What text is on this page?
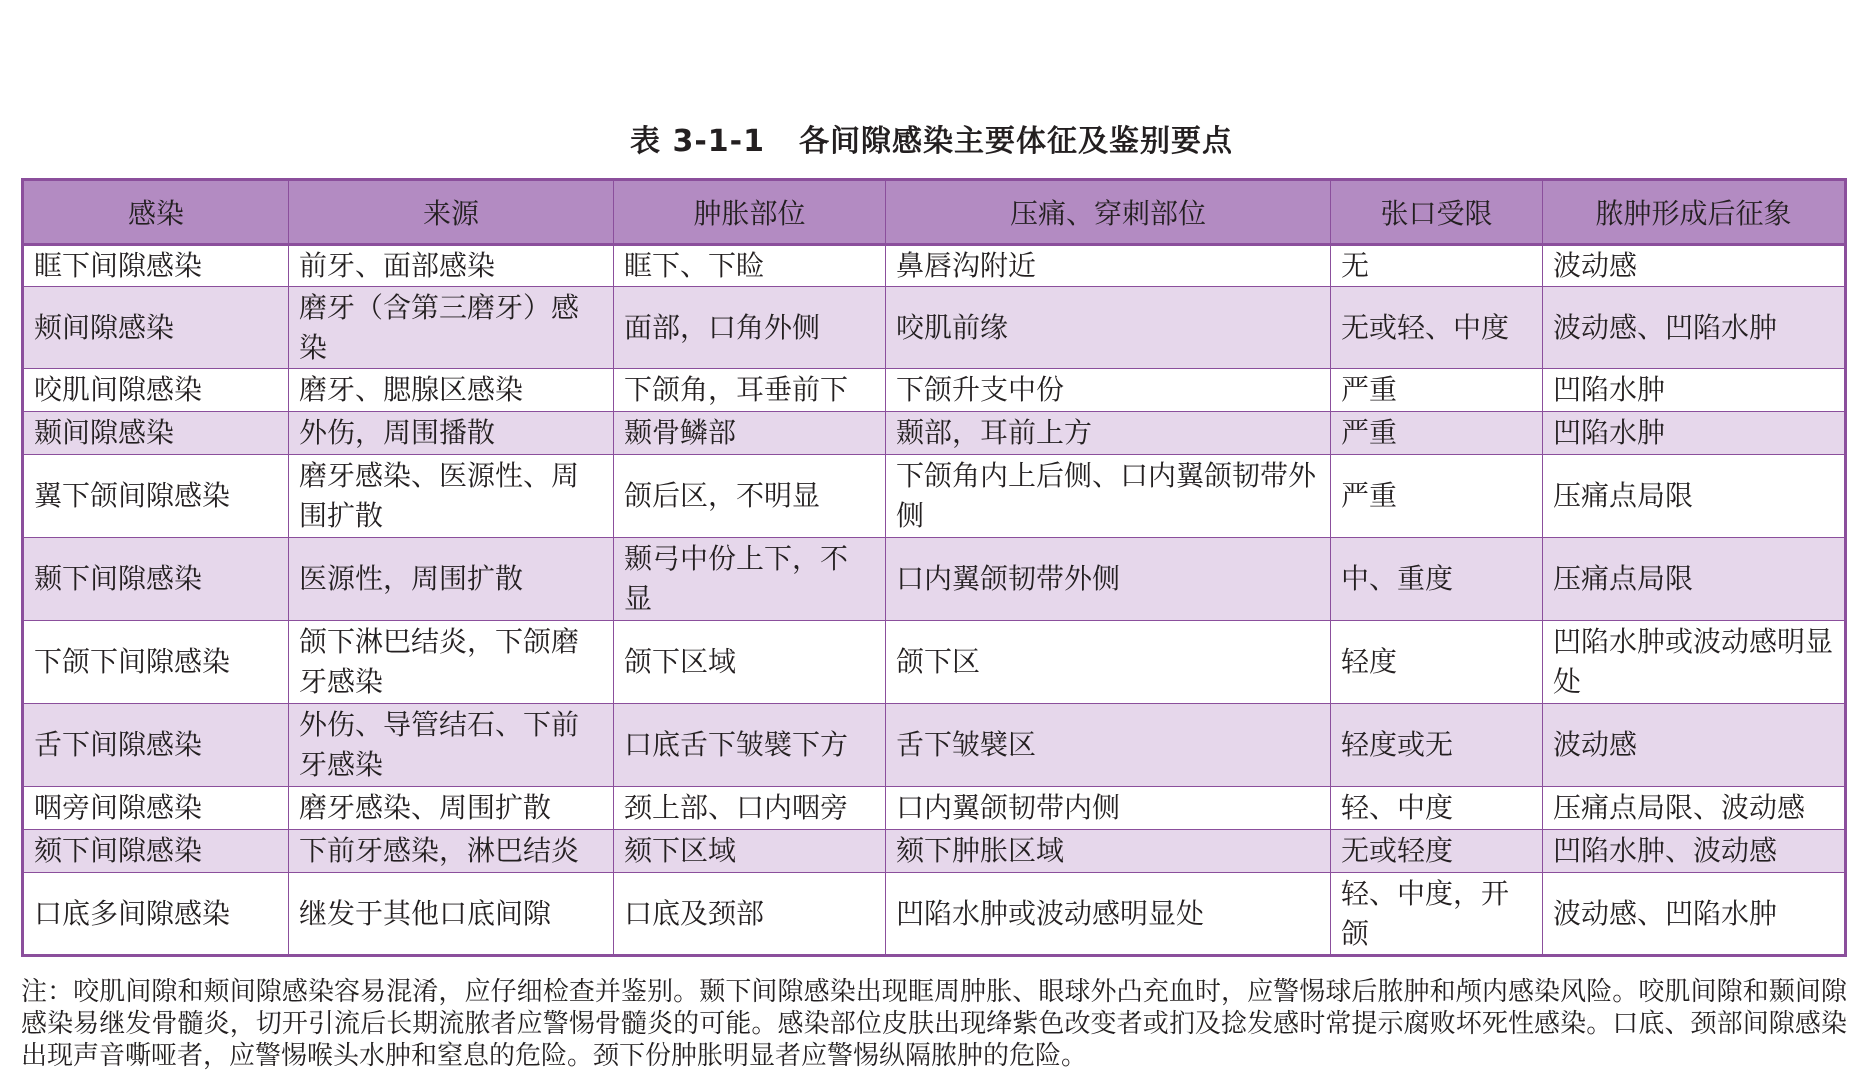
表 3-1-1 各间隙感染主要体征及鉴别要点
感染	来源	肿胀部位	压痛、穿刺部位	张口受限	脓肿形成后征象
眶下间隙感染	前牙、面部感染	眶下、下睑	鼻唇沟附近	无	波动感
颊间隙感染	磨牙（含第三磨牙）感染	面部，口角外侧	咬肌前缘	无或轻、中度	波动感、凹陷水肿
咬肌间隙感染	磨牙、腮腺区感染	下颌角，耳垂前下	下颌升支中份	严重	凹陷水肿
颞间隙感染	外伤，周围播散	颞骨鳞部	颞部，耳前上方	严重	凹陷水肿
翼下颌间隙感染	磨牙感染、医源性、周围扩散	颌后区，不明显	下颌角内上后侧、口内翼颌韧带外侧	严重	压痛点局限
颞下间隙感染	医源性，周围扩散	颞弓中份上下，不显	口内翼颌韧带外侧	中、重度	压痛点局限
下颌下间隙感染	颌下淋巴结炎，下颌磨牙感染	颌下区域	颌下区	轻度	凹陷水肿或波动感明显处
舌下间隙感染	外伤、导管结石、下前牙感染	口底舌下皱襞下方	舌下皱襞区	轻度或无	波动感
咽旁间隙感染	磨牙感染、周围扩散	颈上部、口内咽旁	口内翼颌韧带内侧	轻、中度	压痛点局限、波动感
颏下间隙感染	下前牙感染，淋巴结炎	颏下区域	颏下肿胀区域	无或轻度	凹陷水肿、波动感
口底多间隙感染	继发于其他口底间隙	口底及颈部	凹陷水肿或波动感明显处	轻、中度，开颌	波动感、凹陷水肿
注：咬肌间隙和颊间隙感染容易混淆，应仔细检查并鉴别。颞下间隙感染出现眶周肿胀、眼球外凸充血时，应警惕球后脓肿和颅内感染风险。咬肌间隙和颞间隙感染易继发骨髓炎，切开引流后长期流脓者应警惕骨髓炎的可能。感染部位皮肤出现绛紫色改变者或扪及捻发感时常提示腐败坏死性感染。口底、颈部间隙感染出现声音嘶哑者，应警惕喉头水肿和窒息的危险。颈下份肿胀明显者应警惕纵隔脓肿的危险。
